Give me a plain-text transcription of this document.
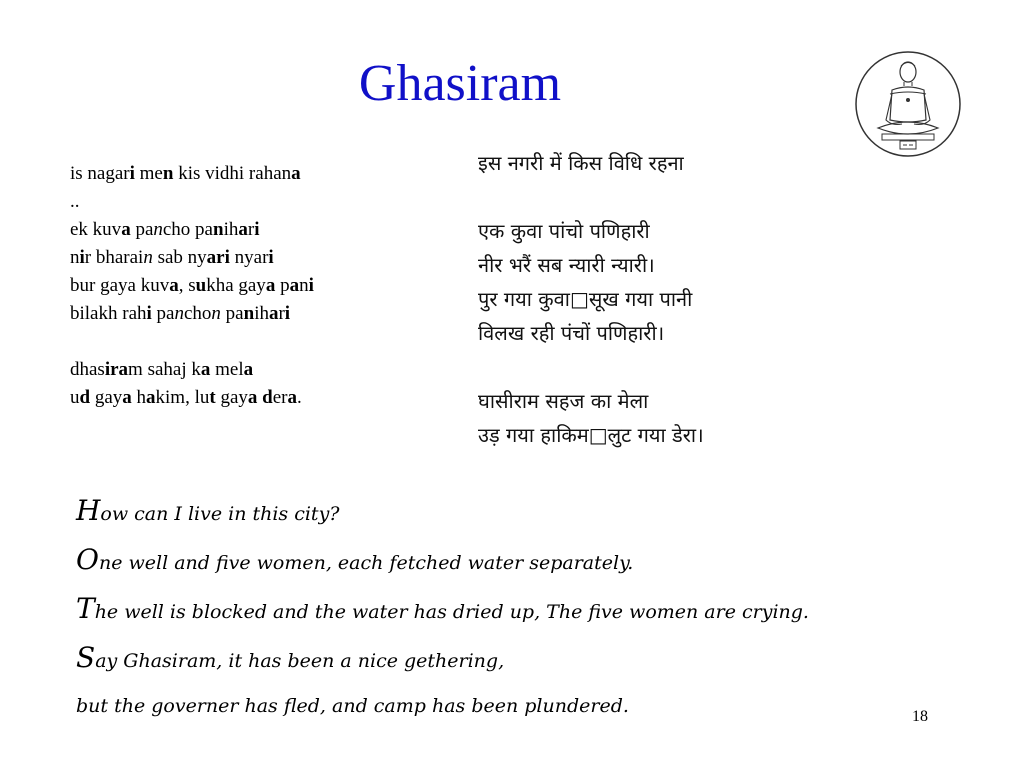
Ghasiram
is nagari men kis vidhi rahana
..
ek kuva pancho panihari
nir bharain sab nyari nyari
bur gaya kuva, sukha gaya pani
bilakh rahi panchon panihari
dhasiram sahaj ka mela
ud gaya hakim, lut gaya dera.
इस नगरी में किस विधि रहना
एक कुवा पांचो पणिहारी
नीर भरैं सब न्यारी न्यारी।
पुर गया कुवा□सूख गया पानी
विलख रही पंचों पणिहारी।
घासीराम सहज का मेला
उड़ गया हाकिम□लुट गया डेरा।
How can I live in this city?
One well and five women, each fetched water separately.
The well is blocked and the water has dried up, The five women are crying.
Say Ghasiram, it has been a nice gethering,
but the governer has fled, and camp has been plundered.	18
